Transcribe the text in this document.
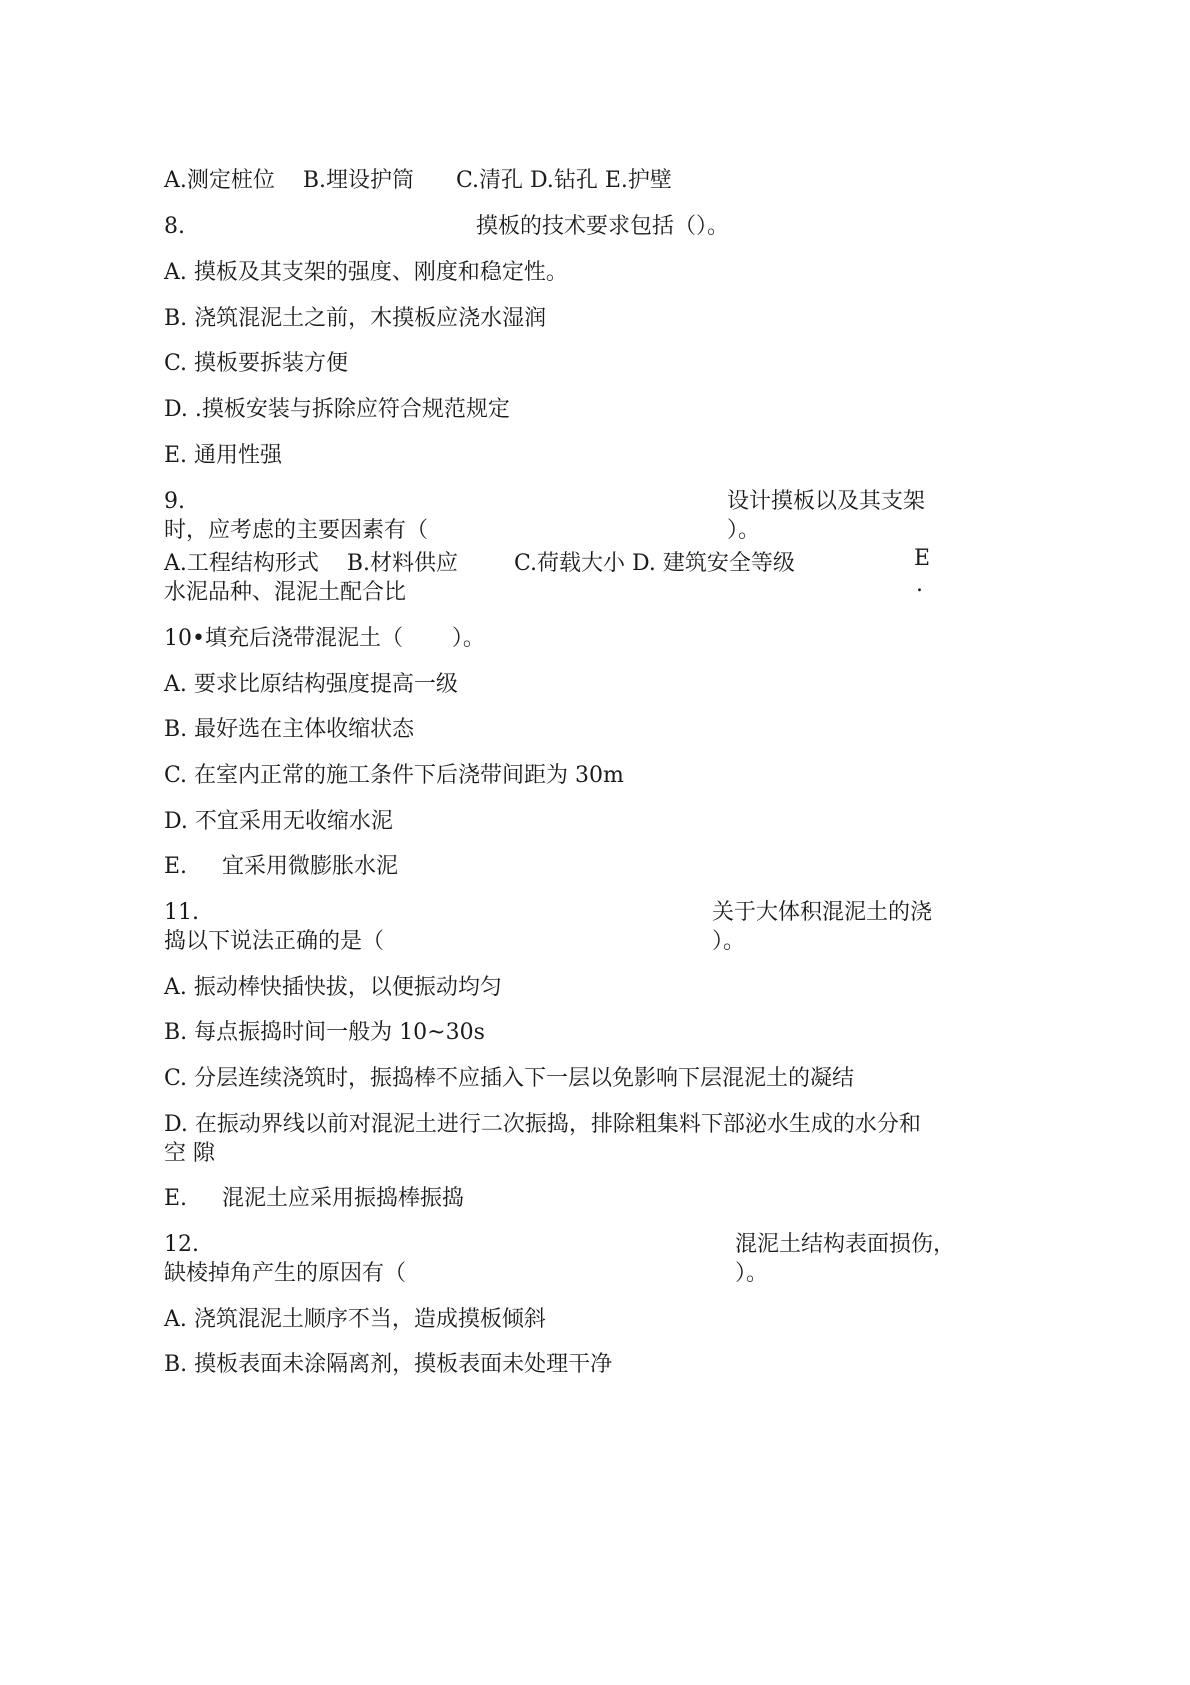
A.测定桩位    B.埋设护筒      C.清孔 D.钻孔 E.护壁
8.	摸板的技术要求包括（）。
A. 摸板及其支架的强度、刚度和稳定性。
B. 浇筑混泥土之前，木摸板应浇水湿润
C. 摸板要拆装方便
D. .摸板安装与拆除应符合规范规定
E. 通用性强
9.	设计摸板以及其支架
时，应考虑的主要因素有（	）。
A.工程结构形式    B.材料供应        C.荷载大小 D. 建筑安全等级	E
.
水泥品种、混泥土配合比
10•填充后浇带混泥土（       ）。
A. 要求比原结构强度提高一级
B. 最好选在主体收缩状态
C. 在室内正常的施工条件下后浇带间距为 30m
D. 不宜采用无收缩水泥
E.     宜采用微膨胀水泥
11.	关于大体积混泥土的浇
捣以下说法正确的是（	）。
A. 振动棒快插快拔，以便振动均匀
B. 每点振捣时间一般为 10~30s
C. 分层连续浇筑时，振捣棒不应插入下一层以免影响下层混泥土的凝结
D. 在振动界线以前对混泥土进行二次振捣，排除粗集料下部泌水生成的水分和
空 隙
E.     混泥土应采用振捣棒振捣
12.	混泥土结构表面损伤，
缺棱掉角产生的原因有（	）。
A. 浇筑混泥土顺序不当，造成摸板倾斜
B. 摸板表面未涂隔离剂，摸板表面未处理干净
